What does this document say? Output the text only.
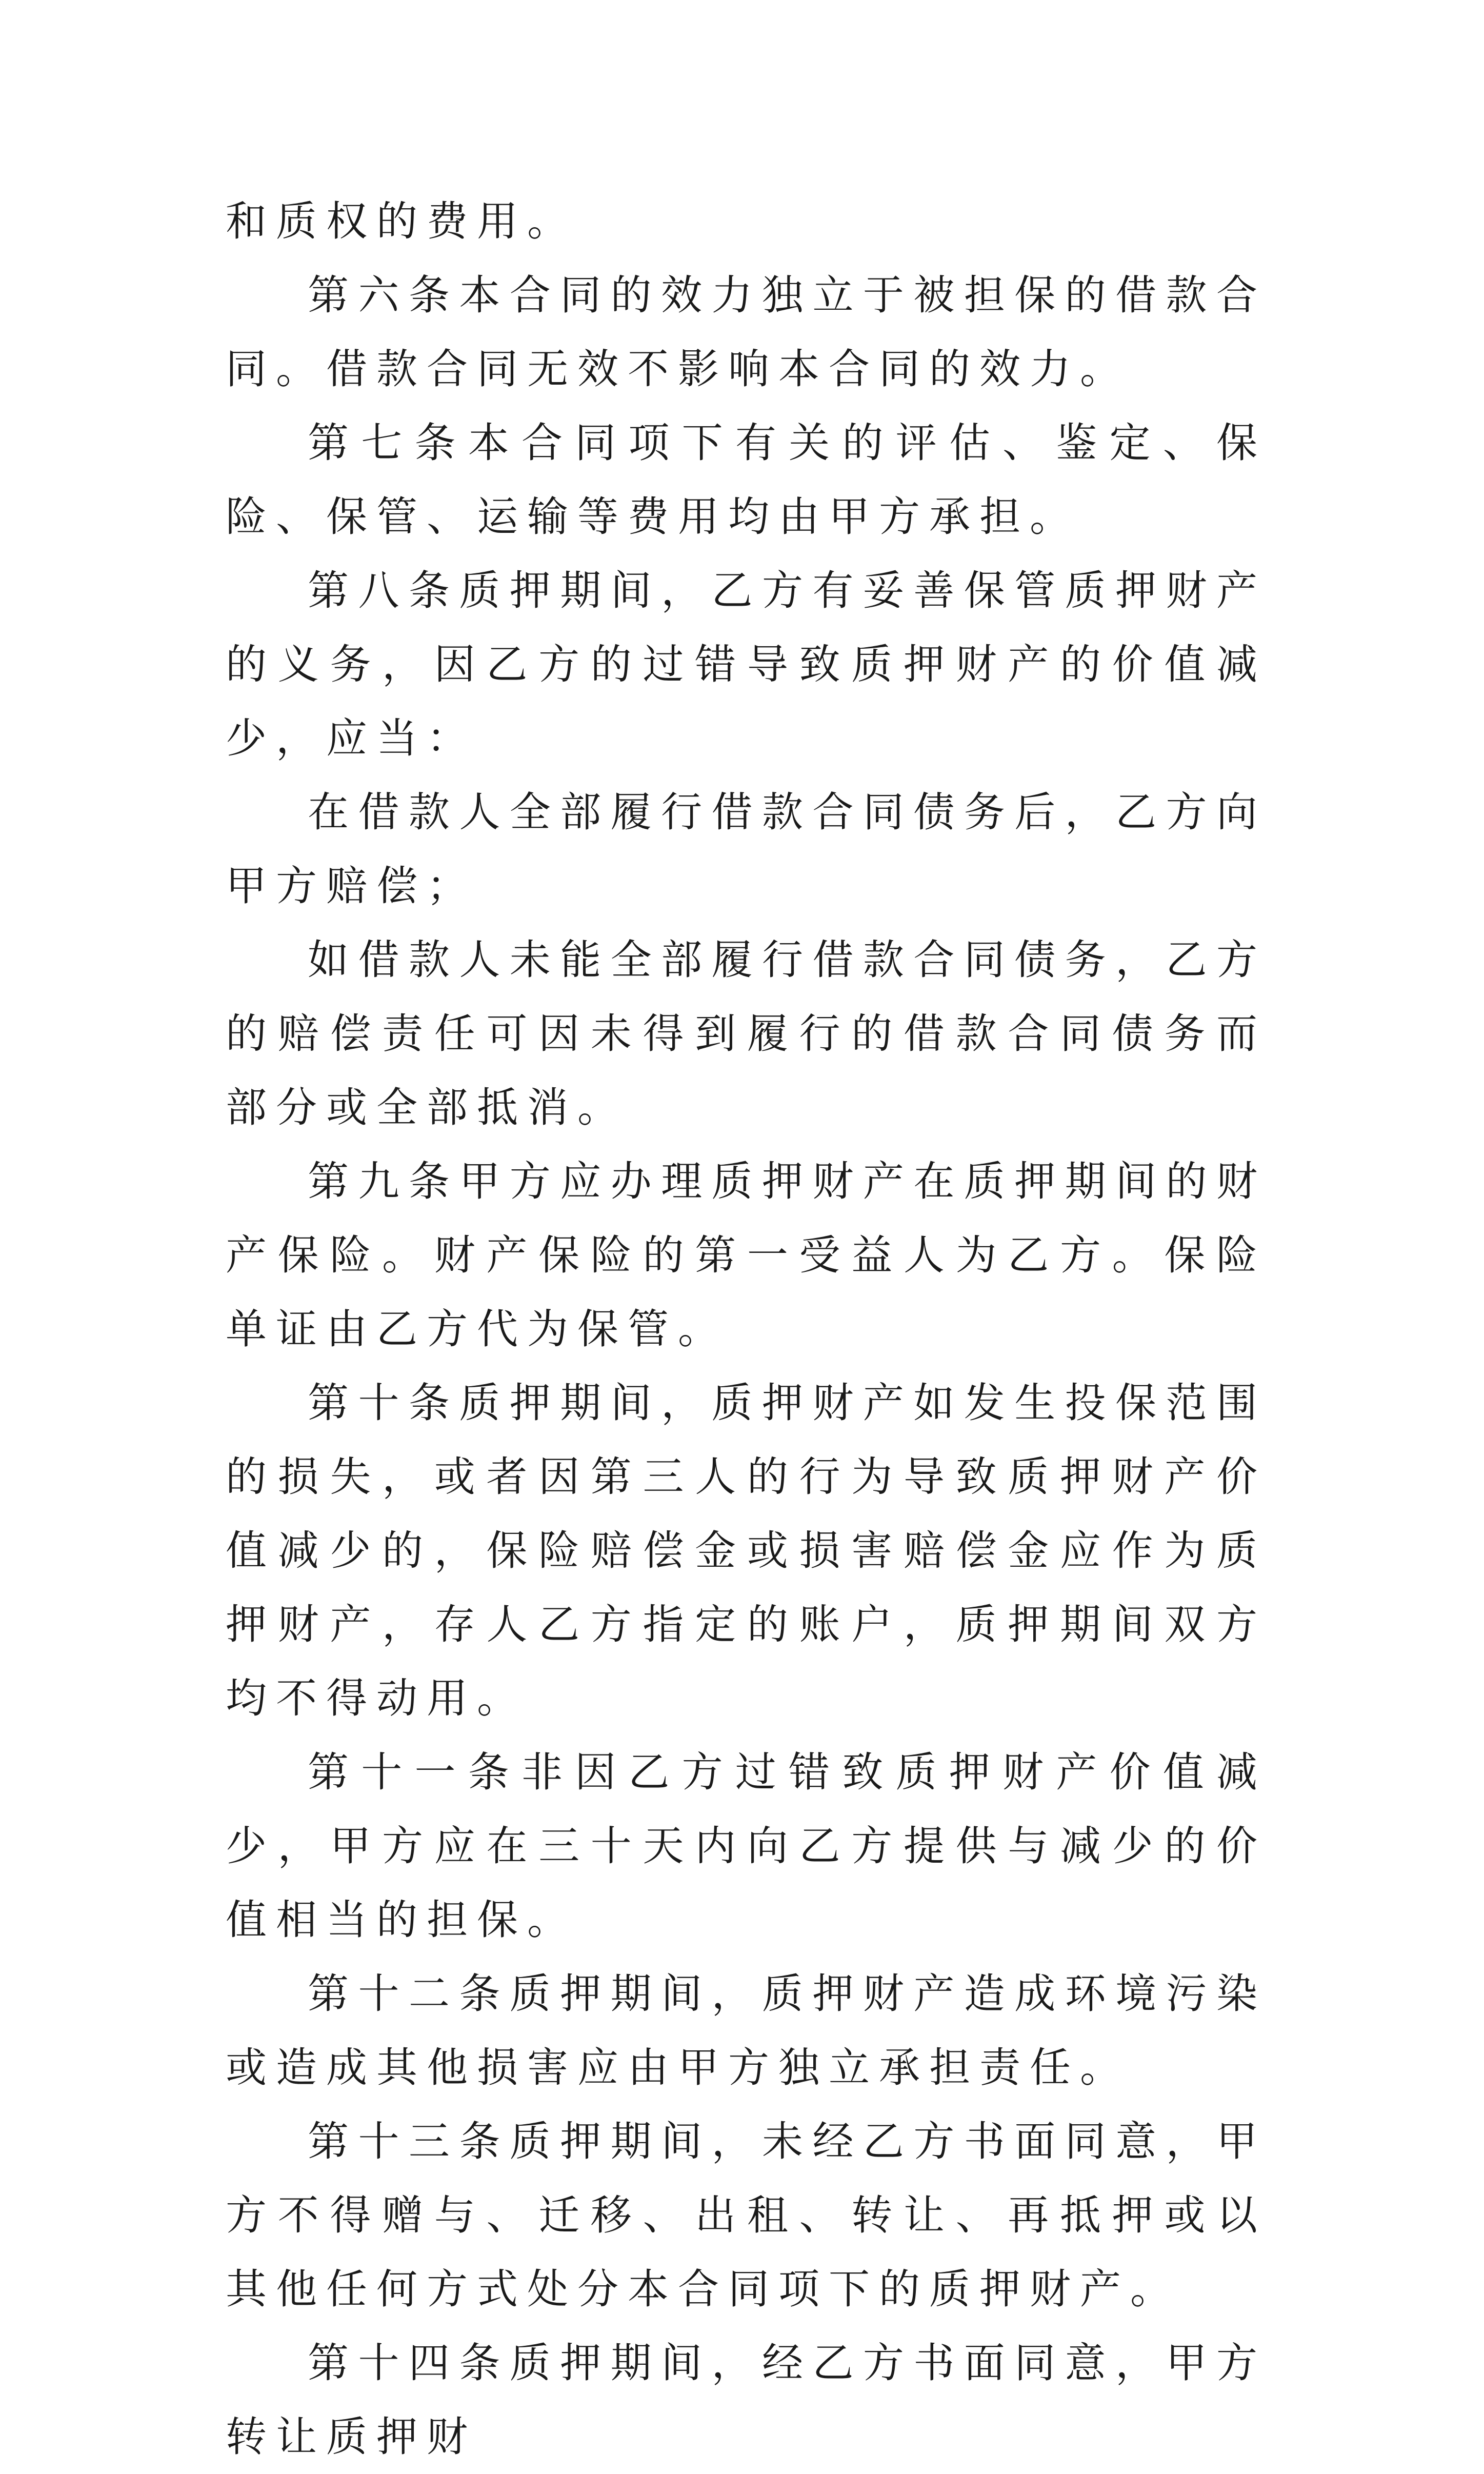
和质权的费用。

第六条本合同的效力独立于被担保的借款合同。借款合同无效不影响本合同的效力。

第七条本合同项下有关的评估、鉴定、保险、保管、运输等费用均由甲方承担。

第八条质押期间，乙方有妥善保管质押财产的义务，因乙方的过错导致质押财产的价值减少，应当：

在借款人全部履行借款合同债务后，乙方向甲方赔偿；

如借款人未能全部履行借款合同债务，乙方的赔偿责任可因未得到履行的借款合同债务而部分或全部抵消。

第九条甲方应办理质押财产在质押期间的财产保险。财产保险的第一受益人为乙方。保险单证由乙方代为保管。

第十条质押期间，质押财产如发生投保范围的损失，或者因第三人的行为导致质押财产价值减少的，保险赔偿金或损害赔偿金应作为质押财产，存人乙方指定的账户，质押期间双方均不得动用。

第十一条非因乙方过错致质押财产价值减少，甲方应在三十天内向乙方提供与减少的价值相当的担保。

第十二条质押期间，质押财产造成环境污染或造成其他损害应由甲方独立承担责任。

第十三条质押期间，未经乙方书面同意，甲方不得赠与、迁移、出租、转让、再抵押或以其他任何方式处分本合同项下的质押财产。

第十四条质押期间，经乙方书面同意，甲方转让质押财
